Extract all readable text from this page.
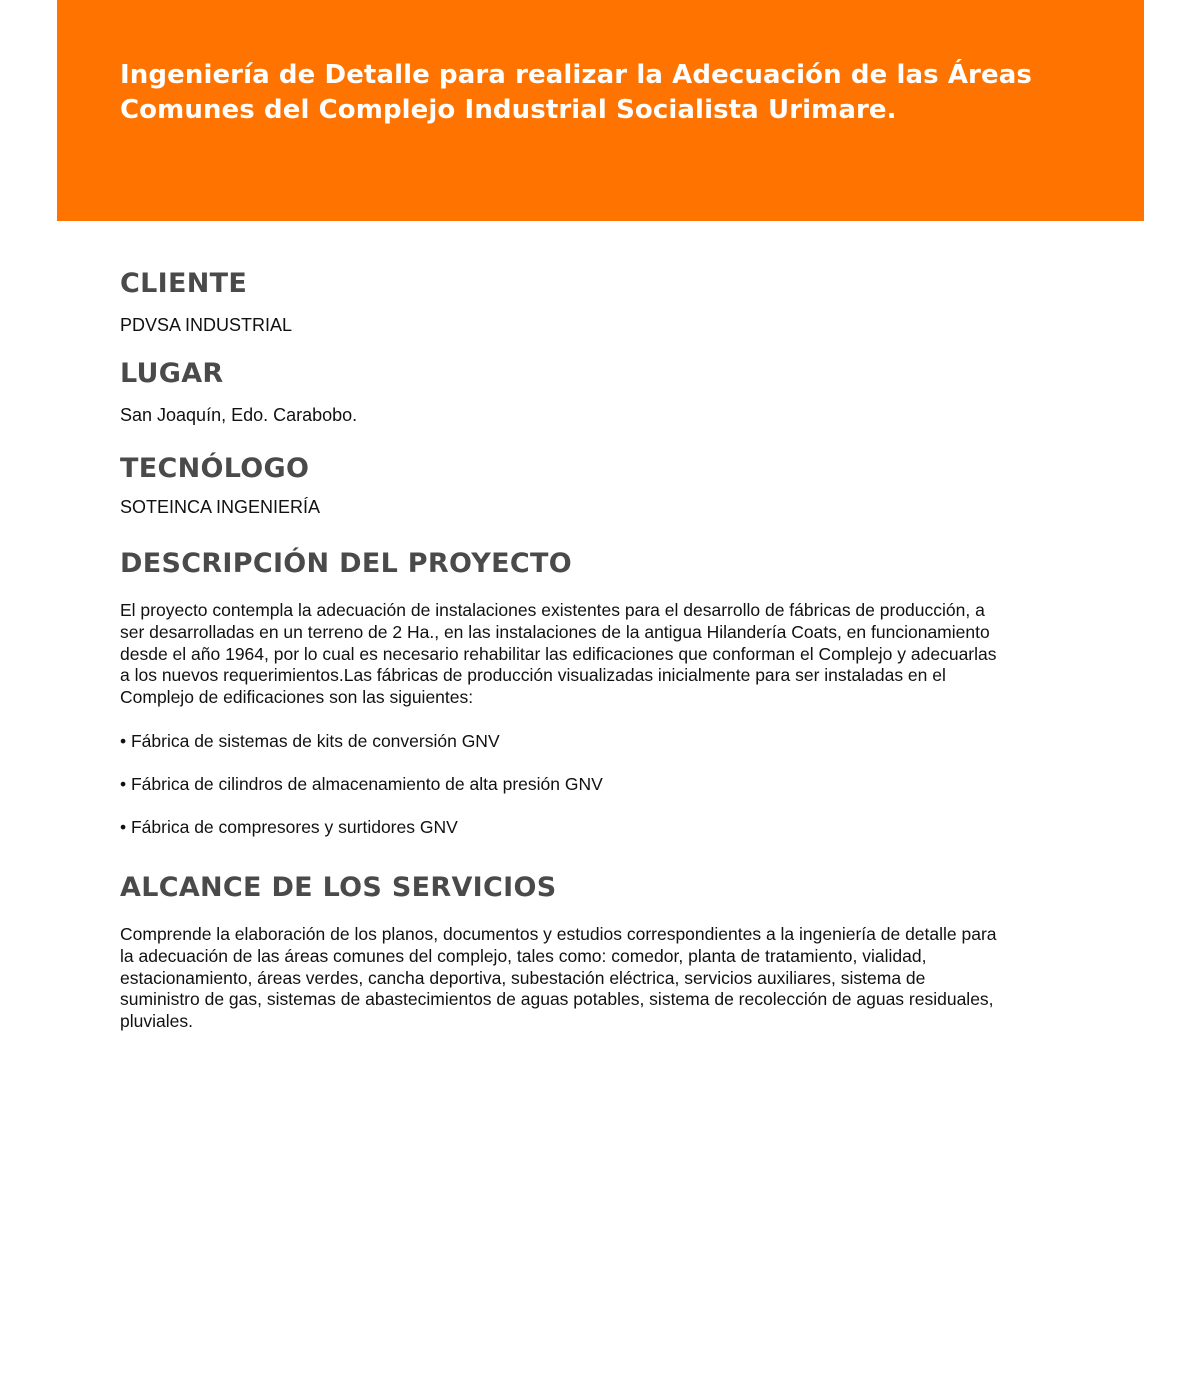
Ingeniería de Detalle para realizar la Adecuación de las Áreas Comunes del Complejo Industrial Socialista Urimare.
CLIENTE

PDVSA INDUSTRIAL

LUGAR

San Joaquín, Edo. Carabobo.

TECNÓLOGO

SOTEINCA INGENIERÍA

DESCRIPCIÓN DEL PROYECTO

El proyecto contempla la adecuación de instalaciones existentes para el desarrollo de fábricas de producción, a ser desarrolladas en un terreno de 2 Ha., en las instalaciones de la antigua Hilandería Coats, en funcionamiento desde el año 1964, por lo cual es necesario rehabilitar las edificaciones que conforman el Complejo y adecuarlas a los nuevos requerimientos.Las fábricas de producción visualizadas inicialmente para ser instaladas en el Complejo de edificaciones son las siguientes:

• Fábrica de sistemas de kits de conversión GNV

• Fábrica de cilindros de almacenamiento de alta presión GNV

• Fábrica de compresores y surtidores GNV

ALCANCE DE LOS SERVICIOS

Comprende la elaboración de los planos, documentos y estudios correspondientes a la ingeniería de detalle para la adecuación de las áreas comunes del complejo, tales como: comedor, planta de tratamiento, vialidad, estacionamiento, áreas verdes, cancha deportiva, subestación eléctrica, servicios auxiliares, sistema de suministro de gas, sistemas de abastecimientos de aguas potables, sistema de recolección de aguas residuales, pluviales.
